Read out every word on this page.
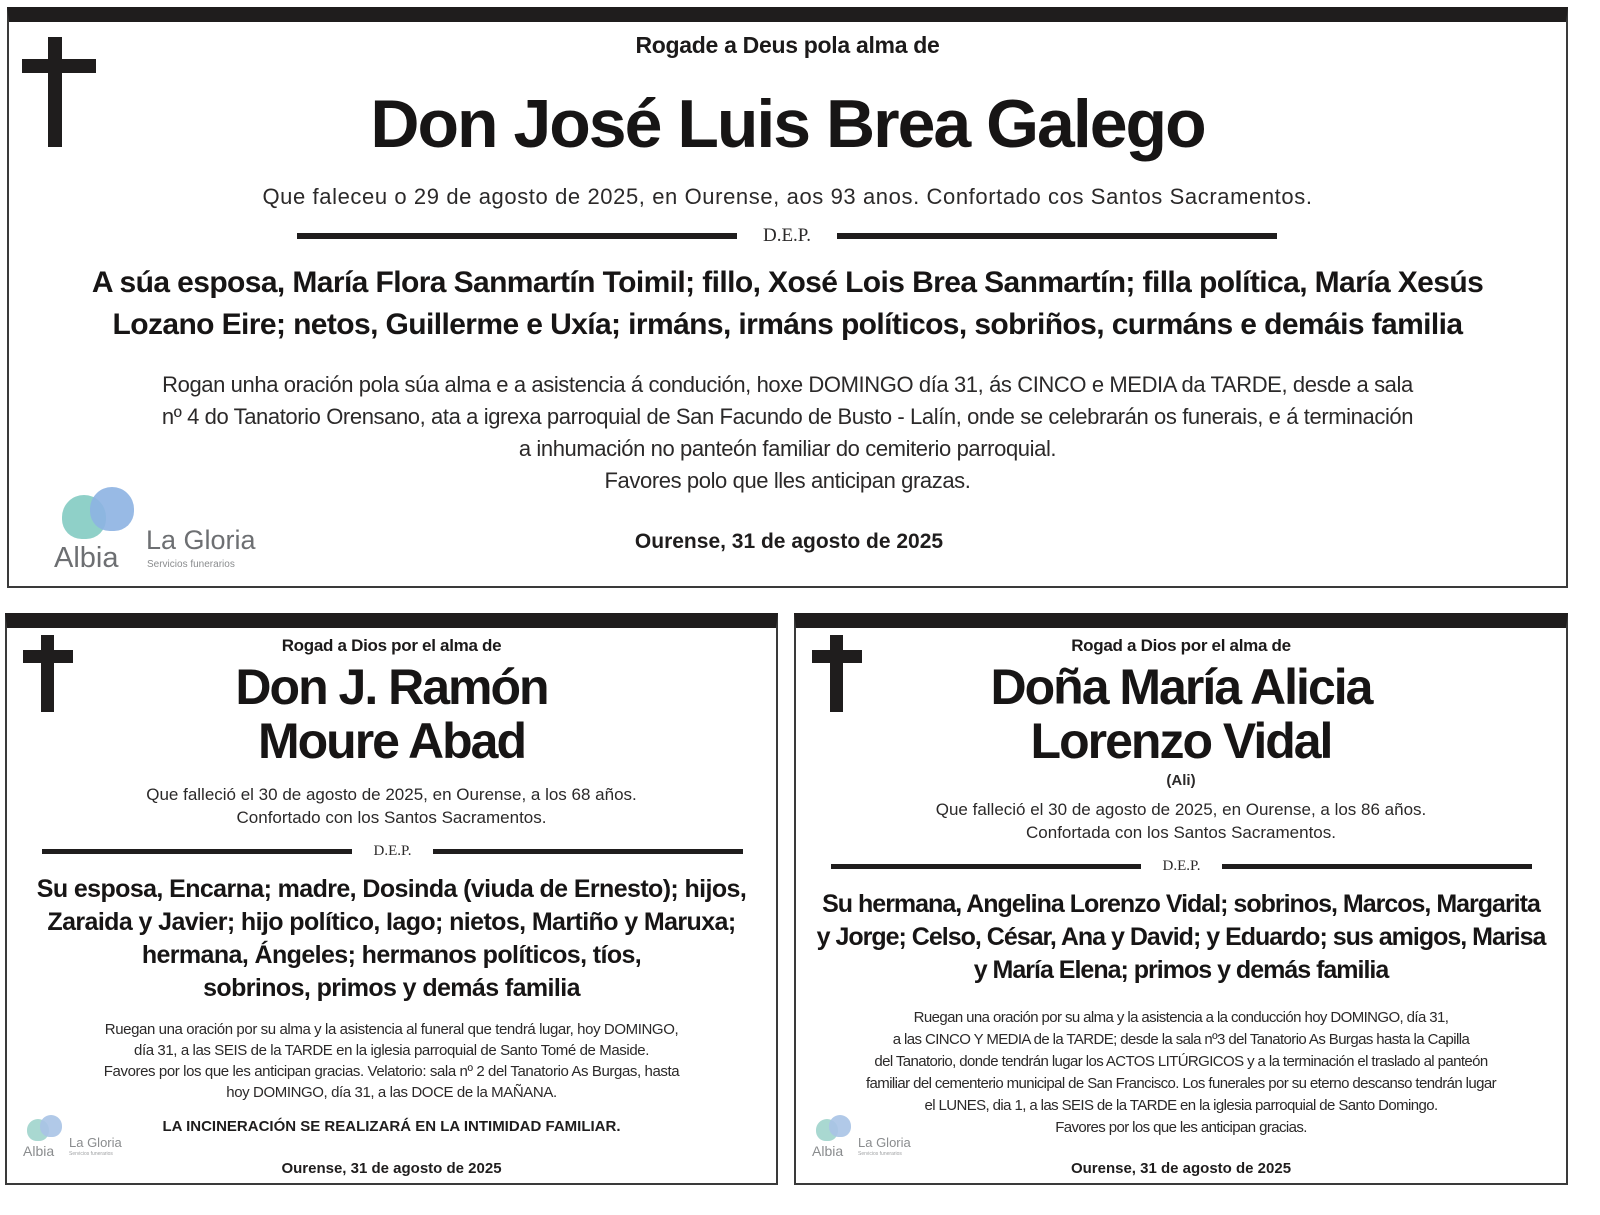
Rogade a Deus pola alma de
Don José Luis Brea Galego
Que faleceu o 29 de agosto de 2025, en Ourense, aos 93 anos. Confortado cos Santos Sacramentos.
D.E.P.
A súa esposa, María Flora Sanmartín Toimil; fillo, Xosé Lois Brea Sanmartín; filla política, María Xesús
Lozano Eire; netos, Guillerme e Uxía; irmáns, irmáns políticos, sobriños, curmáns e demáis familia
Rogan unha oración pola súa alma e a asistencia á condución, hoxe DOMINGO día 31, ás CINCO e MEDIA da TARDE, desde a sala
nº 4 do Tanatorio Orensano, ata a igrexa parroquial de San Facundo de Busto - Lalín, onde se celebrarán os funerais, e á terminación
a inhumación no panteón familiar do cemiterio parroquial.
Favores polo que lles anticipan grazas.
Albia
La Gloria
Servicios funerarios
Ourense, 31 de agosto de 2025
Rogad a Dios por el alma de
Don J. Ramón
Moure Abad
Que falleció el 30 de agosto de 2025, en Ourense, a los 68 años.
Confortado con los Santos Sacramentos.
D.E.P.
Su esposa, Encarna; madre, Dosinda (viuda de Ernesto); hijos,
Zaraida y Javier; hijo político, Iago; nietos, Martiño y Maruxa;
hermana, Ángeles; hermanos políticos, tíos,
sobrinos, primos y demás familia
Ruegan una oración por su alma y la asistencia al funeral que tendrá lugar, hoy DOMINGO,
día 31, a las SEIS de la TARDE en la iglesia parroquial de Santo Tomé de Maside.
Favores por los que les anticipan gracias. Velatorio: sala nº 2 del Tanatorio As Burgas, hasta
hoy DOMINGO, día 31, a las DOCE de la MAÑANA.
LA INCINERACIÓN SE REALIZARÁ EN LA INTIMIDAD FAMILIAR.
Albia
La Gloria
Servicios funerarios
Ourense, 31 de agosto de 2025
Rogad a Dios por el alma de
Doña María Alicia
Lorenzo Vidal
(Ali)
Que falleció el 30 de agosto de 2025, en Ourense, a los 86 años.
Confortada con los Santos Sacramentos.
D.E.P.
Su hermana, Angelina Lorenzo Vidal; sobrinos, Marcos, Margarita
y Jorge; Celso, César, Ana y David; y Eduardo; sus amigos, Marisa
y María Elena; primos y demás familia
Ruegan una oración por su alma y la asistencia a la conducción hoy DOMINGO, día 31,
a las CINCO Y MEDIA de la TARDE; desde la sala nº3 del Tanatorio As Burgas hasta la Capilla
del Tanatorio, donde tendrán lugar los ACTOS LITÚRGICOS y a la terminación el traslado al panteón
familiar del cementerio municipal de San Francisco. Los funerales por su eterno descanso tendrán lugar
el LUNES, dia 1, a las SEIS de la TARDE en la iglesia parroquial de Santo Domingo.
Favores por los que les anticipan gracias.
Albia
La Gloria
Servicios funerarios
Ourense, 31 de agosto de 2025
